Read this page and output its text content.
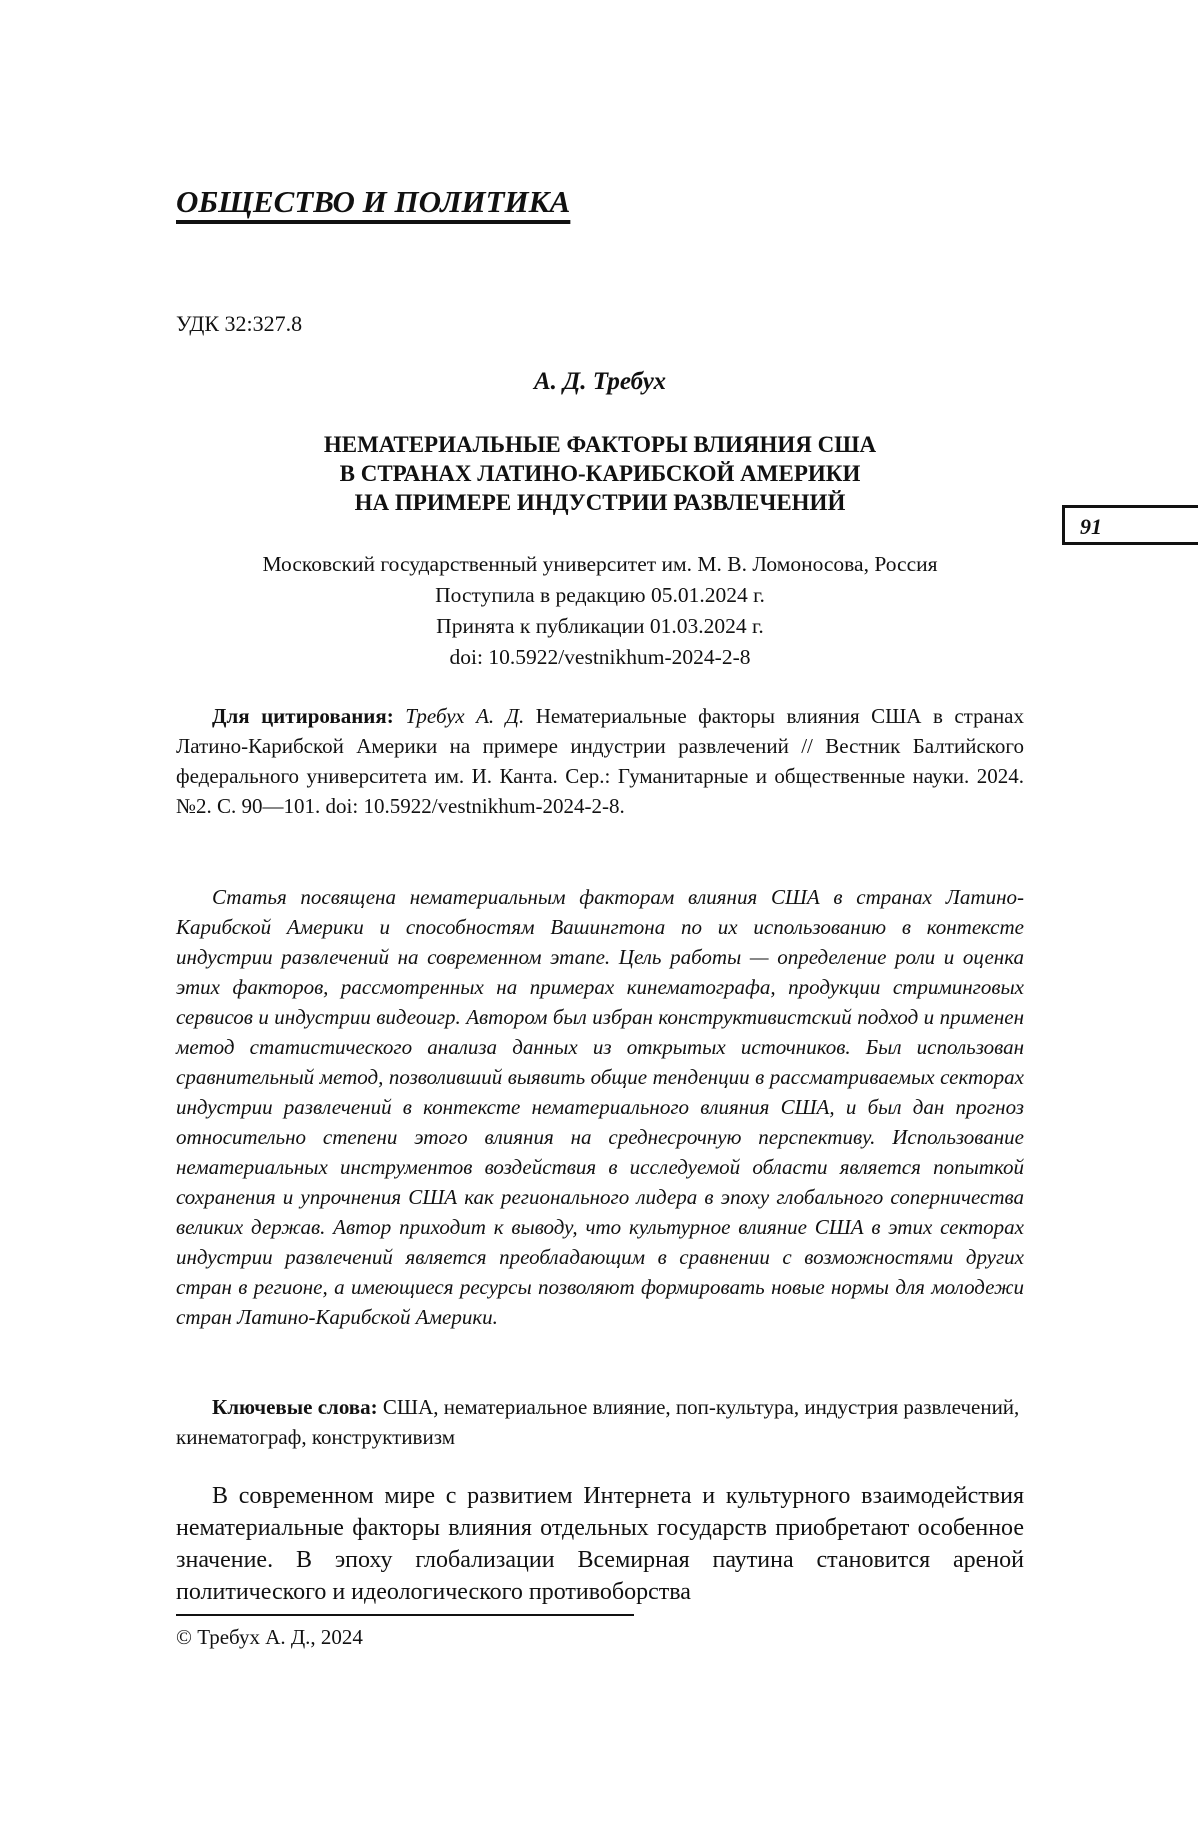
ОБЩЕСТВО И ПОЛИТИКА
УДК 32:327.8
А. Д. Требух
НЕМАТЕРИАЛЬНЫЕ ФАКТОРЫ ВЛИЯНИЯ США
В СТРАНАХ ЛАТИНО-КАРИБСКОЙ АМЕРИКИ
НА ПРИМЕРЕ ИНДУСТРИИ РАЗВЛЕЧЕНИЙ
91
Московский государственный университет им. М. В. Ломоносова, Россия
Поступила в редакцию 05.01.2024 г.
Принята к публикации 01.03.2024 г.
doi: 10.5922/vestnikhum-2024-2-8
Для цитирования: Требух А. Д. Нематериальные факторы влияния США в странах Латино-Карибской Америки на примере индустрии развлечений // Вестник Балтийского федерального университета им. И. Канта. Сер.: Гуманитарные и общественные науки. 2024. №2. С. 90—101. doi: 10.5922/vestnikhum-2024-2-8.
Статья посвящена нематериальным факторам влияния США в странах Латино-Карибской Америки и способностям Вашингтона по их использованию в контексте индустрии развлечений на современном этапе. Цель работы — определение роли и оценка этих факторов, рассмотренных на примерах кинематографа, продукции стриминговых сервисов и индустрии видеоигр. Автором был избран конструктивистский подход и применен метод статистического анализа данных из открытых источников. Был использован сравнительный метод, позволивший выявить общие тенденции в рассматриваемых секторах индустрии развлечений в контексте нематериального влияния США, и был дан прогноз относительно степени этого влияния на среднесрочную перспективу. Использование нематериальных инструментов воздействия в исследуемой области является попыткой сохранения и упрочнения США как регионального лидера в эпоху глобального соперничества великих держав. Автор приходит к выводу, что культурное влияние США в этих секторах индустрии развлечений является преобладающим в сравнении с возможностями других стран в регионе, а имеющиеся ресурсы позволяют формировать новые нормы для молодежи стран Латино-Карибской Америки.
Ключевые слова: США, нематериальное влияние, поп-культура, индустрия развлечений, кинематограф, конструктивизм
В современном мире с развитием Интернета и культурного взаимодействия нематериальные факторы влияния отдельных государств приобретают особенное значение. В эпоху глобализации Всемирная паутина становится ареной политического и идеологического противоборства
© Требух А. Д., 2024
